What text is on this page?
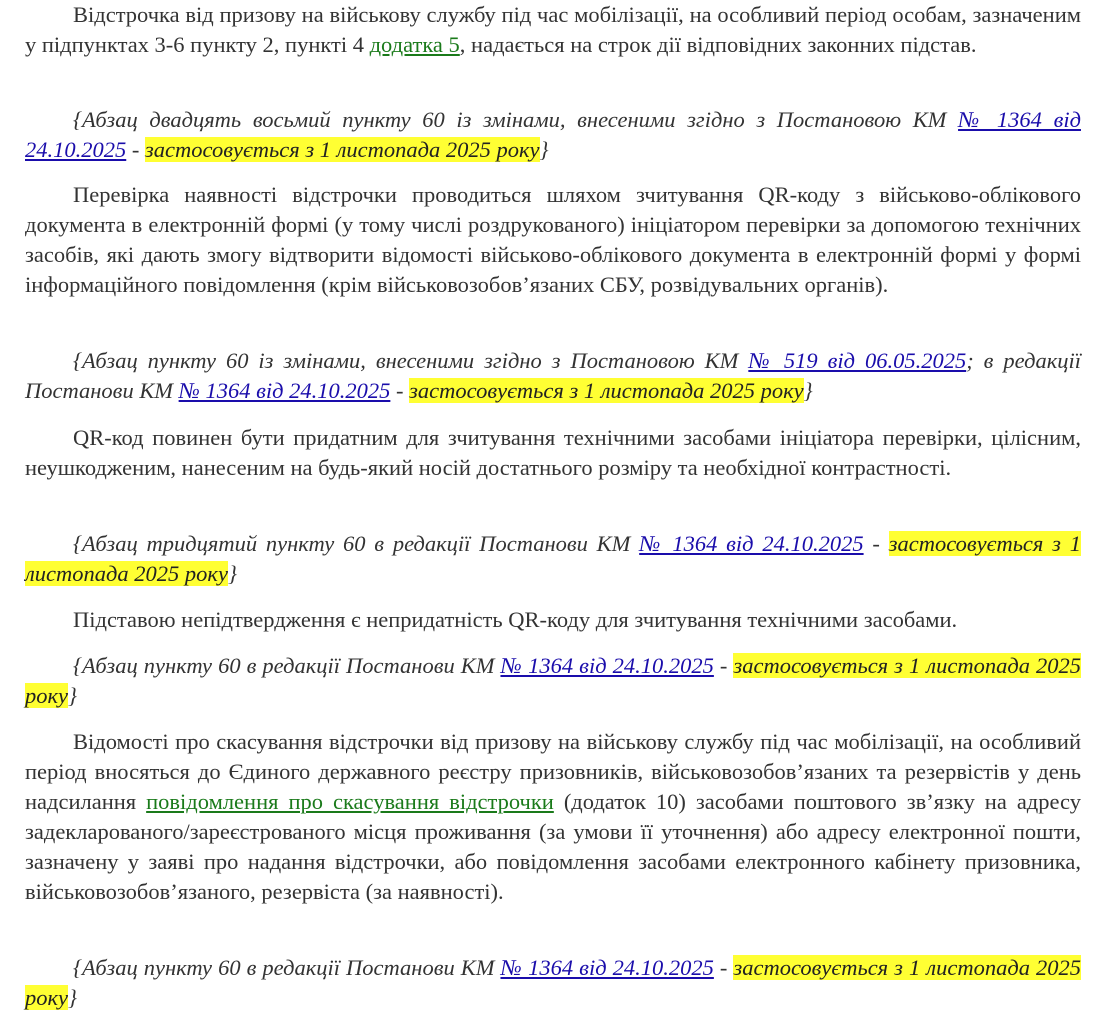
Відстрочка від призову на військову службу під час мобілізації, на особливий період особам, зазначеним у підпунктах 3-6 пункту 2, пункті 4 додатка 5, надається на строк дії відповідних законних підстав.

{Абзац двадцять восьмий пункту 60 із змінами, внесеними згідно з Постановою КМ № 1364 від 24.10.2025 - застосовується з 1 листопада 2025 року}

Перевірка наявності відстрочки проводиться шляхом зчитування QR-коду з військово-облікового документа в електронній формі (у тому числі роздрукованого) ініціатором перевірки за допомогою технічних засобів, які дають змогу відтворити відомості військово-облікового документа в електронній формі у формі інформаційного повідомлення (крім військовозобов’язаних СБУ, розвідувальних органів).

{Абзац пункту 60 із змінами, внесеними згідно з Постановою КМ № 519 від 06.05.2025; в редакції Постанови КМ № 1364 від 24.10.2025 - застосовується з 1 листопада 2025 року}

QR-код повинен бути придатним для зчитування технічними засобами ініціатора перевірки, цілісним, неушкодженим, нанесеним на будь-який носій достатнього розміру та необхідної контрастності.

{Абзац тридцятий пункту 60 в редакції Постанови КМ № 1364 від 24.10.2025 - застосовується з 1 листопада 2025 року}

Підставою непідтвердження є непридатність QR-коду для зчитування технічними засобами.

{Абзац пункту 60 в редакції Постанови КМ № 1364 від 24.10.2025 - застосовується з 1 листопада 2025 року}

Відомості про скасування відстрочки від призову на військову службу під час мобілізації, на особливий період вносяться до Єдиного державного реєстру призовників, військовозобов’язаних та резервістів у день надсилання повідомлення про скасування відстрочки (додаток 10) засобами поштового зв’язку на адресу задекларованого/зареєстрованого місця проживання (за умови її уточнення) або адресу електронної пошти, зазначену у заяві про надання відстрочки, або повідомлення засобами електронного кабінету призовника, військовозобов’язаного, резервіста (за наявності).

{Абзац пункту 60 в редакції Постанови КМ № 1364 від 24.10.2025 - застосовується з 1 листопада 2025 року}
